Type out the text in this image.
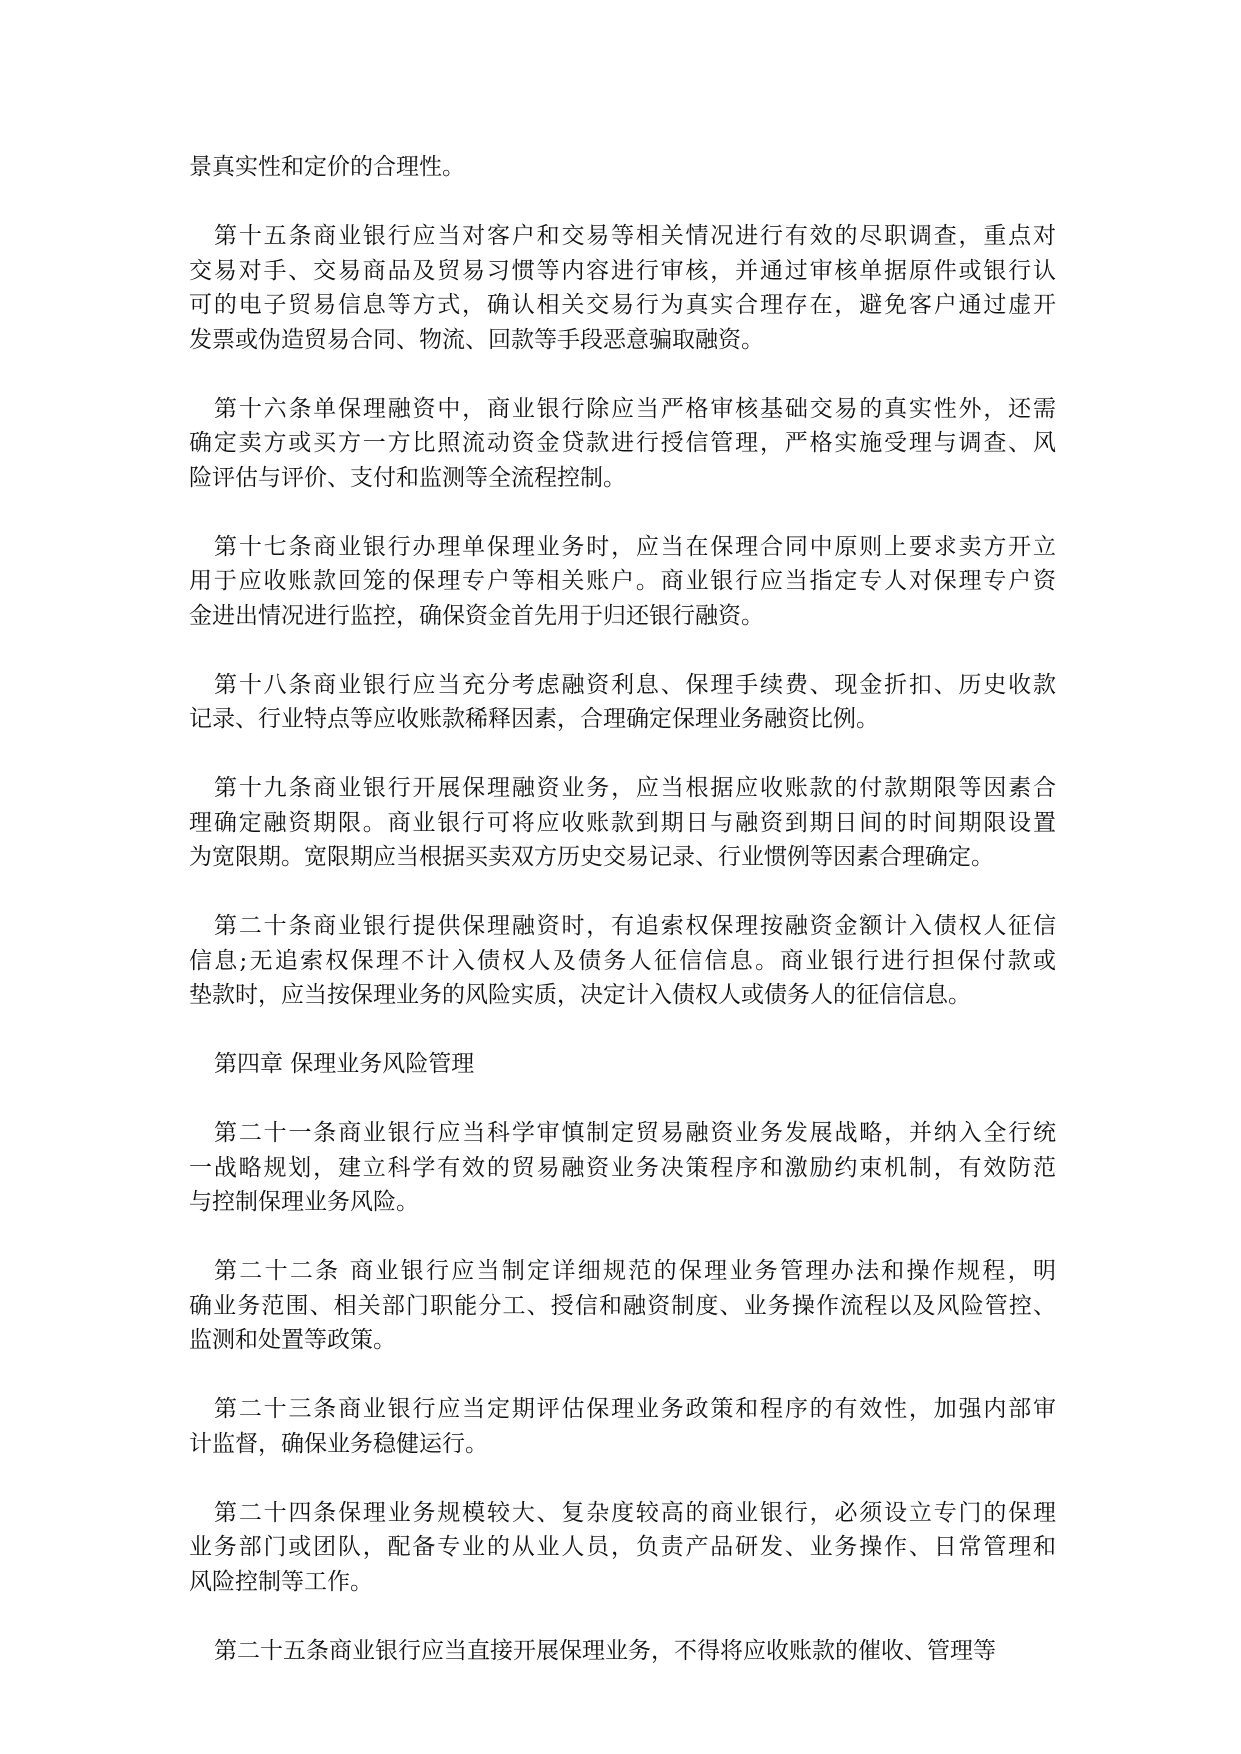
景真实性和定价的合理性。
第十五条商业银行应当对客户和交易等相关情况进行有效的尽职调查，重点对
交易对手、交易商品及贸易习惯等内容进行审核，并通过审核单据原件或银行认
可的电子贸易信息等方式，确认相关交易行为真实合理存在，避免客户通过虚开
发票或伪造贸易合同、物流、回款等手段恶意骗取融资。
第十六条单保理融资中，商业银行除应当严格审核基础交易的真实性外，还需
确定卖方或买方一方比照流动资金贷款进行授信管理，严格实施受理与调查、风
险评估与评价、支付和监测等全流程控制。
第十七条商业银行办理单保理业务时，应当在保理合同中原则上要求卖方开立
用于应收账款回笼的保理专户等相关账户。商业银行应当指定专人对保理专户资
金进出情况进行监控，确保资金首先用于归还银行融资。
第十八条商业银行应当充分考虑融资利息、保理手续费、现金折扣、历史收款
记录、行业特点等应收账款稀释因素，合理确定保理业务融资比例。
第十九条商业银行开展保理融资业务，应当根据应收账款的付款期限等因素合
理确定融资期限。商业银行可将应收账款到期日与融资到期日间的时间期限设置
为宽限期。宽限期应当根据买卖双方历史交易记录、行业惯例等因素合理确定。
第二十条商业银行提供保理融资时，有追索权保理按融资金额计入债权人征信
信息;无追索权保理不计入债权人及债务人征信信息。商业银行进行担保付款或
垫款时，应当按保理业务的风险实质，决定计入债权人或债务人的征信信息。
第四章 保理业务风险管理
第二十一条商业银行应当科学审慎制定贸易融资业务发展战略，并纳入全行统
一战略规划，建立科学有效的贸易融资业务决策程序和激励约束机制，有效防范
与控制保理业务风险。
第二十二条 商业银行应当制定详细规范的保理业务管理办法和操作规程，明
确业务范围、相关部门职能分工、授信和融资制度、业务操作流程以及风险管控、
监测和处置等政策。
第二十三条商业银行应当定期评估保理业务政策和程序的有效性，加强内部审
计监督，确保业务稳健运行。
第二十四条保理业务规模较大、复杂度较高的商业银行，必须设立专门的保理
业务部门或团队，配备专业的从业人员，负责产品研发、业务操作、日常管理和
风险控制等工作。
第二十五条商业银行应当直接开展保理业务，不得将应收账款的催收、管理等
